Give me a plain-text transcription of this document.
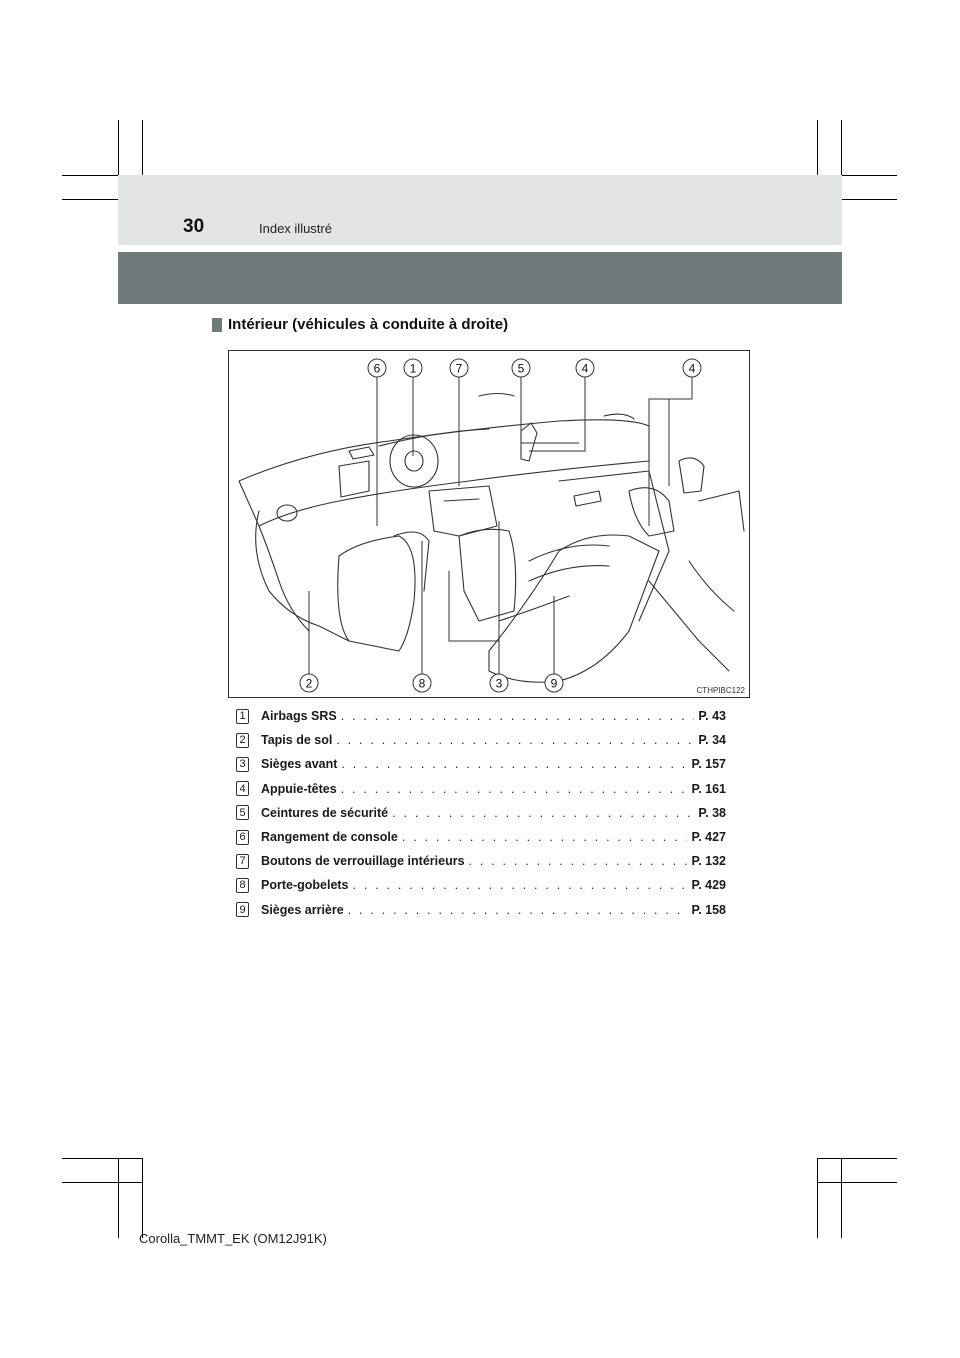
30	Index illustré
Intérieur (véhicules à conduite à droite)
6 1	7	5	4	4
2	8	3	9	CTHPIBC122
1 Airbags SRS . . .	P. 43
2 Tapis de sol . . .	P. 34
3 Sièges avant . . .	P. 157
4 Appuie-têtes . . .	P. 161
5 Ceintures de sécurité . . .	P. 38
6 Rangement de console . . .	P. 427
7 Boutons de verrouillage intérieurs . . .	P. 132
8 Porte-gobelets . . .	P. 429
9 Sièges arrière . . .	P. 158
Corolla_TMMT_EK (OM12J91K)
